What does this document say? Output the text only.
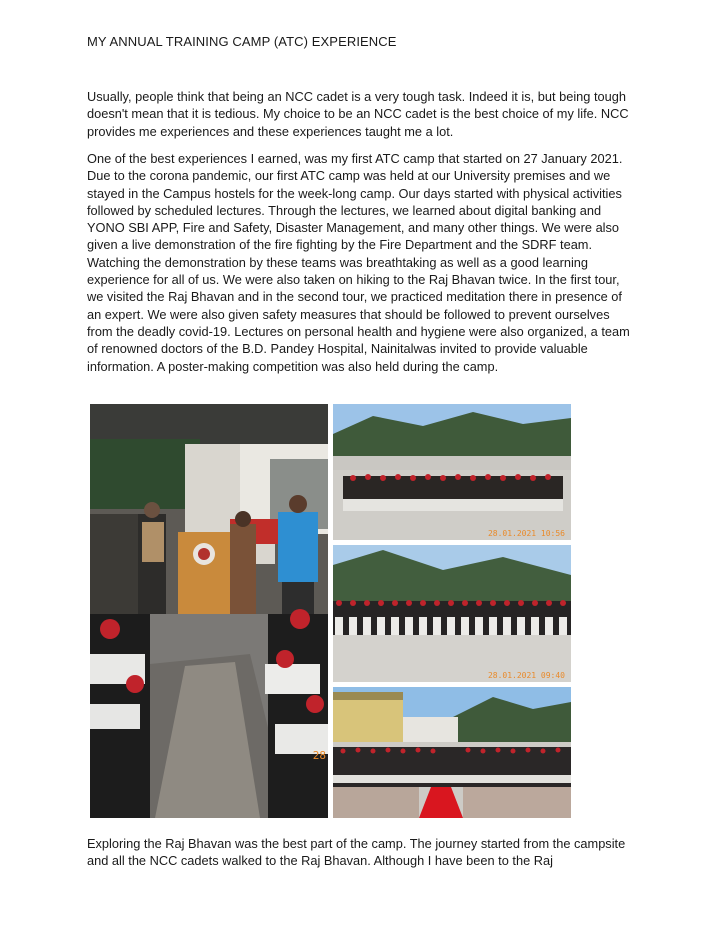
MY ANNUAL TRAINING CAMP (ATC) EXPERIENCE

Usually, people think that being an NCC cadet is a very tough task. Indeed it is, but being tough doesn't mean that it is tedious. My choice to be an NCC cadet is the best choice of my life. NCC provides me experiences and these experiences taught me a lot.

One of the best experiences I earned, was my first ATC camp that started on 27 January 2021. Due to the corona pandemic, our first ATC camp was held at our University premises and we stayed in the Campus hostels for the week-long camp. Our days started with physical activities followed by scheduled lectures. Through the lectures, we learned about digital banking and YONO SBI APP, Fire and Safety, Disaster Management, and many other things. We were also given a live demonstration of the fire fighting by the Fire Department and the SDRF team. Watching the demonstration by these teams was breathtaking as well as a good learning experience for all of us. We were also taken on hiking to the Raj Bhavan twice. In the first tour, we visited the Raj Bhavan and in the second tour, we practiced meditation there in presence of an expert. We were also given safety measures that should be followed to prevent ourselves from the deadly covid-19. Lectures on personal health and hygiene were also organized, a team of renowned doctors of the B.D. Pandey Hospital, Nainitalwas invited to provide valuable information. A poster-making competition was also held during the camp.

28
28.01.2021 10:56
28.01.2021 09:40

Exploring the Raj Bhavan was the best part of the camp. The journey started from the campsite and all the NCC cadets walked to the Raj Bhavan. Although I have been to the Raj
